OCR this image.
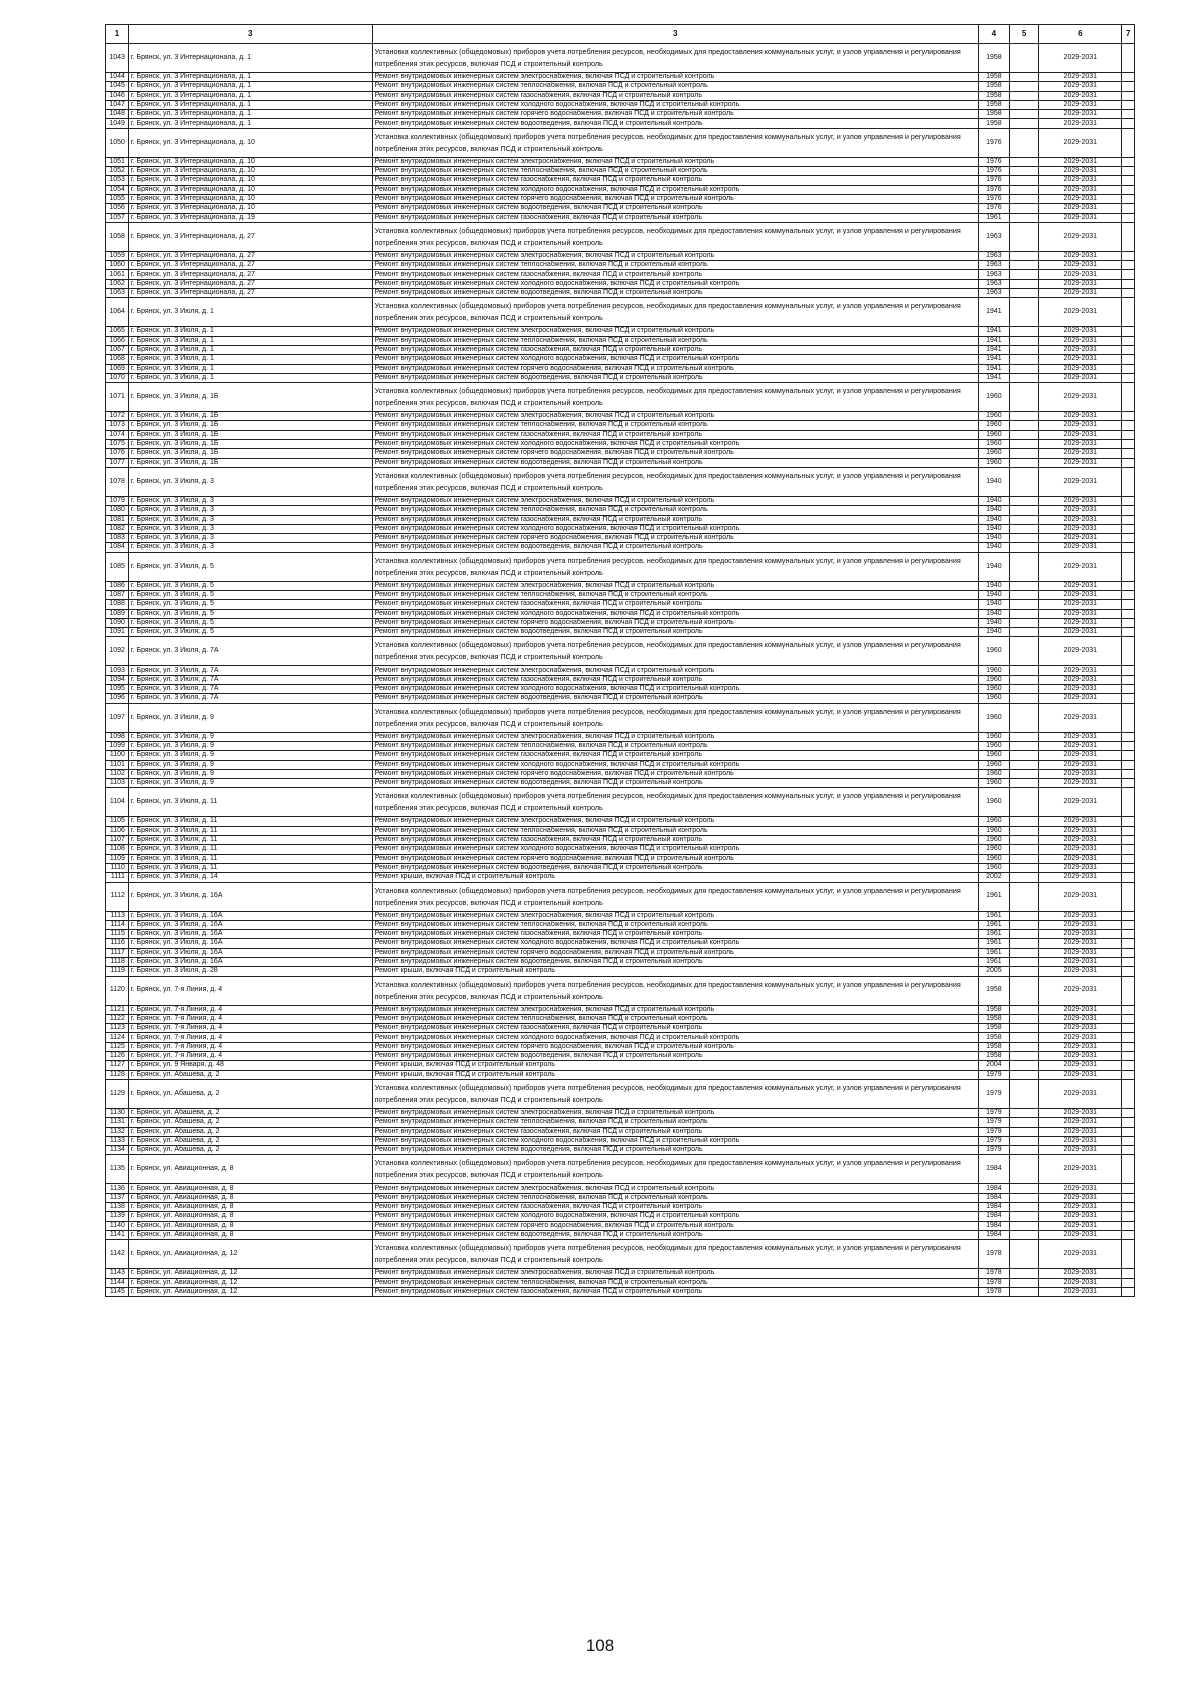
1	3	3	4	5	6	7
1043	г. Брянск, ул. 3 Интернационала, д. 1	Установка коллективных (общедомовых) приборов учета потребления ресурсов, необходимых для предоставления коммунальных услуг, и узлов управления и регулирования потребления этих ресурсов, включая ПСД и строительный контроль	1958		2029-2031	
1044	г. Брянск, ул. 3 Интернационала, д. 1	Ремонт внутридомовых инженерных систем электроснабжения, включая ПСД и строительный контроль	1958		2029-2031	
1045	г. Брянск, ул. 3 Интернационала, д. 1	Ремонт внутридомовых инженерных систем теплоснабжения, включая ПСД и строительный контроль	1958		2029-2031	
1046	г. Брянск, ул. 3 Интернационала, д. 1	Ремонт внутридомовых инженерных систем газоснабжения, включая ПСД и строительный контроль	1958		2029-2031	
1047	г. Брянск, ул. 3 Интернационала, д. 1	Ремонт внутридомовых инженерных систем холодного водоснабжения, включая ПСД и строительный контроль	1958		2029-2031	
1048	г. Брянск, ул. 3 Интернационала, д. 1	Ремонт внутридомовых инженерных систем горячего водоснабжения, включая ПСД и строительный контроль	1958		2029-2031	
1049	г. Брянск, ул. 3 Интернационала, д. 1	Ремонт внутридомовых инженерных систем водоотведения, включая ПСД и строительный контроль	1958		2029-2031	
1050	г. Брянск, ул. 3 Интернационала, д. 10	Установка коллективных (общедомовых) приборов учета потребления ресурсов, необходимых для предоставления коммунальных услуг, и узлов управления и регулирования потребления этих ресурсов, включая ПСД и строительный контроль	1976		2029-2031	
1051	г. Брянск, ул. 3 Интернационала, д. 10	Ремонт внутридомовых инженерных систем электроснабжения, включая ПСД и строительный контроль	1976		2029-2031	
1052	г. Брянск, ул. 3 Интернационала, д. 10	Ремонт внутридомовых инженерных систем теплоснабжения, включая ПСД и строительный контроль	1976		2029-2031	
1053	г. Брянск, ул. 3 Интернационала, д. 10	Ремонт внутридомовых инженерных систем газоснабжения, включая ПСД и строительный контроль	1976		2029-2031	
1054	г. Брянск, ул. 3 Интернационала, д. 10	Ремонт внутридомовых инженерных систем холодного водоснабжения, включая ПСД и строительный контроль	1976		2029-2031	
1055	г. Брянск, ул. 3 Интернационала, д. 10	Ремонт внутридомовых инженерных систем горячего водоснабжения, включая ПСД и строительный контроль	1976		2029-2031	
1056	г. Брянск, ул. 3 Интернационала, д. 10	Ремонт внутридомовых инженерных систем водоотведения, включая ПСД и строительный контроль	1976		2029-2031	
1057	г. Брянск, ул. 3 Интернационала, д. 19	Ремонт внутридомовых инженерных систем газоснабжения, включая ПСД и строительный контроль	1961		2029-2031	
1058	г. Брянск, ул. 3 Интернационала, д. 27	Установка коллективных (общедомовых) приборов учета потребления ресурсов, необходимых для предоставления коммунальных услуг, и узлов управления и регулирования потребления этих ресурсов, включая ПСД и строительный контроль	1963		2029-2031	
1059	г. Брянск, ул. 3 Интернационала, д. 27	Ремонт внутридомовых инженерных систем электроснабжения, включая ПСД и строительный контроль	1963		2029-2031	
1060	г. Брянск, ул. 3 Интернационала, д. 27	Ремонт внутридомовых инженерных систем теплоснабжения, включая ПСД и строительный контроль	1963		2029-2031	
1061	г. Брянск, ул. 3 Интернационала, д. 27	Ремонт внутридомовых инженерных систем газоснабжения, включая ПСД и строительный контроль	1963		2029-2031	
1062	г. Брянск, ул. 3 Интернационала, д. 27	Ремонт внутридомовых инженерных систем холодного водоснабжения, включая ПСД и строительный контроль	1963		2029-2031	
1063	г. Брянск, ул. 3 Интернационала, д. 27	Ремонт внутридомовых инженерных систем водоотведения, включая ПСД и строительный контроль	1963		2029-2031	
1064	г. Брянск, ул. 3 Июля, д. 1	Установка коллективных (общедомовых) приборов учета потребления ресурсов, необходимых для предоставления коммунальных услуг, и узлов управления и регулирования потребления этих ресурсов, включая ПСД и строительный контроль	1941		2029-2031	
1065	г. Брянск, ул. 3 Июля, д. 1	Ремонт внутридомовых инженерных систем электроснабжения, включая ПСД и строительный контроль	1941		2029-2031	
1066	г. Брянск, ул. 3 Июля, д. 1	Ремонт внутридомовых инженерных систем теплоснабжения, включая ПСД и строительный контроль	1941		2029-2031	
1067	г. Брянск, ул. 3 Июля, д. 1	Ремонт внутридомовых инженерных систем газоснабжения, включая ПСД и строительный контроль	1941		2029-2031	
1068	г. Брянск, ул. 3 Июля, д. 1	Ремонт внутридомовых инженерных систем холодного водоснабжения, включая ПСД и строительный контроль	1941		2029-2031	
1069	г. Брянск, ул. 3 Июля, д. 1	Ремонт внутридомовых инженерных систем горячего водоснабжения, включая ПСД и строительный контроль	1941		2029-2031	
1070	г. Брянск, ул. 3 Июля, д. 1	Ремонт внутридомовых инженерных систем водоотведения, включая ПСД и строительный контроль	1941		2029-2031	
1071	г. Брянск, ул. 3 Июля, д. 1Б	Установка коллективных (общедомовых) приборов учета потребления ресурсов, необходимых для предоставления коммунальных услуг, и узлов управления и регулирования потребления этих ресурсов, включая ПСД и строительный контроль	1960		2029-2031	
1072	г. Брянск, ул. 3 Июля, д. 1Б	Ремонт внутридомовых инженерных систем электроснабжения, включая ПСД и строительный контроль	1960		2029-2031	
1073	г. Брянск, ул. 3 Июля, д. 1Б	Ремонт внутридомовых инженерных систем теплоснабжения, включая ПСД и строительный контроль	1960		2029-2031	
1074	г. Брянск, ул. 3 Июля, д. 1Б	Ремонт внутридомовых инженерных систем газоснабжения, включая ПСД и строительный контроль	1960		2029-2031	
1075	г. Брянск, ул. 3 Июля, д. 1Б	Ремонт внутридомовых инженерных систем холодного водоснабжения, включая ПСД и строительный контроль	1960		2029-2031	
1076	г. Брянск, ул. 3 Июля, д. 1Б	Ремонт внутридомовых инженерных систем горячего водоснабжения, включая ПСД и строительный контроль	1960		2029-2031	
1077	г. Брянск, ул. 3 Июля, д. 1Б	Ремонт внутридомовых инженерных систем водоотведения, включая ПСД и строительный контроль	1960		2029-2031	
1078	г. Брянск, ул. 3 Июля, д. 3	Установка коллективных (общедомовых) приборов учета потребления ресурсов, необходимых для предоставления коммунальных услуг, и узлов управления и регулирования потребления этих ресурсов, включая ПСД и строительный контроль	1940		2029-2031	
1079	г. Брянск, ул. 3 Июля, д. 3	Ремонт внутридомовых инженерных систем электроснабжения, включая ПСД и строительный контроль	1940		2029-2031	
1080	г. Брянск, ул. 3 Июля, д. 3	Ремонт внутридомовых инженерных систем теплоснабжения, включая ПСД и строительный контроль	1940		2029-2031	
1081	г. Брянск, ул. 3 Июля, д. 3	Ремонт внутридомовых инженерных систем газоснабжения, включая ПСД и строительный контроль	1940		2029-2031	
1082	г. Брянск, ул. 3 Июля, д. 3	Ремонт внутридомовых инженерных систем холодного водоснабжения, включая ПСД и строительный контроль	1940		2029-2031	
1083	г. Брянск, ул. 3 Июля, д. 3	Ремонт внутридомовых инженерных систем горячего водоснабжения, включая ПСД и строительный контроль	1940		2029-2031	
1084	г. Брянск, ул. 3 Июля, д. 3	Ремонт внутридомовых инженерных систем водоотведения, включая ПСД и строительный контроль	1940		2029-2031	
1085	г. Брянск, ул. 3 Июля, д. 5	Установка коллективных (общедомовых) приборов учета потребления ресурсов, необходимых для предоставления коммунальных услуг, и узлов управления и регулирования потребления этих ресурсов, включая ПСД и строительный контроль	1940		2029-2031	
1086	г. Брянск, ул. 3 Июля, д. 5	Ремонт внутридомовых инженерных систем электроснабжения, включая ПСД и строительный контроль	1940		2029-2031	
1087	г. Брянск, ул. 3 Июля, д. 5	Ремонт внутридомовых инженерных систем теплоснабжения, включая ПСД и строительный контроль	1940		2029-2031	
1088	г. Брянск, ул. 3 Июля, д. 5	Ремонт внутридомовых инженерных систем газоснабжения, включая ПСД и строительный контроль	1940		2029-2031	
1089	г. Брянск, ул. 3 Июля, д. 5	Ремонт внутридомовых инженерных систем холодного водоснабжения, включая ПСД и строительный контроль	1940		2029-2031	
1090	г. Брянск, ул. 3 Июля, д. 5	Ремонт внутридомовых инженерных систем горячего водоснабжения, включая ПСД и строительный контроль	1940		2029-2031	
1091	г. Брянск, ул. 3 Июля, д. 5	Ремонт внутридомовых инженерных систем водоотведения, включая ПСД и строительный контроль	1940		2029-2031	
1092	г. Брянск, ул. 3 Июля, д. 7А	Установка коллективных (общедомовых) приборов учета потребления ресурсов, необходимых для предоставления коммунальных услуг, и узлов управления и регулирования потребления этих ресурсов, включая ПСД и строительный контроль	1960		2029-2031	
1093	г. Брянск, ул. 3 Июля, д. 7А	Ремонт внутридомовых инженерных систем электроснабжения, включая ПСД и строительный контроль	1960		2029-2031	
1094	г. Брянск, ул. 3 Июля, д. 7А	Ремонт внутридомовых инженерных систем газоснабжения, включая ПСД и строительный контроль	1960		2029-2031	
1095	г. Брянск, ул. 3 Июля, д. 7А	Ремонт внутридомовых инженерных систем холодного водоснабжения, включая ПСД и строительный контроль	1960		2029-2031	
1096	г. Брянск, ул. 3 Июля, д. 7А	Ремонт внутридомовых инженерных систем водоотведения, включая ПСД и строительный контроль	1960		2029-2031	
1097	г. Брянск, ул. 3 Июля, д. 9	Установка коллективных (общедомовых) приборов учета потребления ресурсов, необходимых для предоставления коммунальных услуг, и узлов управления и регулирования потребления этих ресурсов, включая ПСД и строительный контроль	1960		2029-2031	
1098	г. Брянск, ул. 3 Июля, д. 9	Ремонт внутридомовых инженерных систем электроснабжения, включая ПСД и строительный контроль	1960		2029-2031	
1099	г. Брянск, ул. 3 Июля, д. 9	Ремонт внутридомовых инженерных систем теплоснабжения, включая ПСД и строительный контроль	1960		2029-2031	
1100	г. Брянск, ул. 3 Июля, д. 9	Ремонт внутридомовых инженерных систем газоснабжения, включая ПСД и строительный контроль	1960		2029-2031	
1101	г. Брянск, ул. 3 Июля, д. 9	Ремонт внутридомовых инженерных систем холодного водоснабжения, включая ПСД и строительный контроль	1960		2029-2031	
1102	г. Брянск, ул. 3 Июля, д. 9	Ремонт внутридомовых инженерных систем горячего водоснабжения, включая ПСД и строительный контроль	1960		2029-2031	
1103	г. Брянск, ул. 3 Июля, д. 9	Ремонт внутридомовых инженерных систем водоотведения, включая ПСД и строительный контроль	1960		2029-2031	
1104	г. Брянск, ул. 3 Июля, д. 11	Установка коллективных (общедомовых) приборов учета потребления ресурсов, необходимых для предоставления коммунальных услуг, и узлов управления и регулирования потребления этих ресурсов, включая ПСД и строительный контроль	1960		2029-2031	
1105	г. Брянск, ул. 3 Июля, д. 11	Ремонт внутридомовых инженерных систем электроснабжения, включая ПСД и строительный контроль	1960		2029-2031	
1106	г. Брянск, ул. 3 Июля, д. 11	Ремонт внутридомовых инженерных систем теплоснабжения, включая ПСД и строительный контроль	1960		2029-2031	
1107	г. Брянск, ул. 3 Июля, д. 11	Ремонт внутридомовых инженерных систем газоснабжения, включая ПСД и строительный контроль	1960		2029-2031	
1108	г. Брянск, ул. 3 Июля, д. 11	Ремонт внутридомовых инженерных систем холодного водоснабжения, включая ПСД и строительный контроль	1960		2029-2031	
1109	г. Брянск, ул. 3 Июля, д. 11	Ремонт внутридомовых инженерных систем горячего водоснабжения, включая ПСД и строительный контроль	1960		2029-2031	
1110	г. Брянск, ул. 3 Июля, д. 11	Ремонт внутридомовых инженерных систем водоотведения, включая ПСД и строительный контроль	1960		2029-2031	
1111	г. Брянск, ул. 3 Июля, д. 14	Ремонт крыши, включая ПСД и строительный контроль	2002		2029-2031	
1112	г. Брянск, ул. 3 Июля, д. 16А	Установка коллективных (общедомовых) приборов учета потребления ресурсов, необходимых для предоставления коммунальных услуг, и узлов управления и регулирования потребления этих ресурсов, включая ПСД и строительный контроль	1961		2029-2031	
1113	г. Брянск, ул. 3 Июля, д. 16А	Ремонт внутридомовых инженерных систем электроснабжения, включая ПСД и строительный контроль	1961		2029-2031	
1114	г. Брянск, ул. 3 Июля, д. 16А	Ремонт внутридомовых инженерных систем теплоснабжения, включая ПСД и строительный контроль	1961		2029-2031	
1115	г. Брянск, ул. 3 Июля, д. 16А	Ремонт внутридомовых инженерных систем газоснабжения, включая ПСД и строительный контроль	1961		2029-2031	
1116	г. Брянск, ул. 3 Июля, д. 16А	Ремонт внутридомовых инженерных систем холодного водоснабжения, включая ПСД и строительный контроль	1961		2029-2031	
1117	г. Брянск, ул. 3 Июля, д. 16А	Ремонт внутридомовых инженерных систем горячего водоснабжения, включая ПСД и строительный контроль	1961		2029-2031	
1118	г. Брянск, ул. 3 Июля, д. 16А	Ремонт внутридомовых инженерных систем водоотведения, включая ПСД и строительный контроль	1961		2029-2031	
1119	г. Брянск, ул. 3 Июля, д. 28	Ремонт крыши, включая ПСД и строительный контроль	2005		2029-2031	
1120	г. Брянск, ул. 7-я Линия, д. 4	Установка коллективных (общедомовых) приборов учета потребления ресурсов, необходимых для предоставления коммунальных услуг, и узлов управления и регулирования потребления этих ресурсов, включая ПСД и строительный контроль	1958		2029-2031	
1121	г. Брянск, ул. 7-я Линия, д. 4	Ремонт внутридомовых инженерных систем электроснабжения, включая ПСД и строительный контроль	1958		2029-2031	
1122	г. Брянск, ул. 7-я Линия, д. 4	Ремонт внутридомовых инженерных систем теплоснабжения, включая ПСД и строительный контроль	1958		2029-2031	
1123	г. Брянск, ул. 7-я Линия, д. 4	Ремонт внутридомовых инженерных систем газоснабжения, включая ПСД и строительный контроль	1958		2029-2031	
1124	г. Брянск, ул. 7-я Линия, д. 4	Ремонт внутридомовых инженерных систем холодного водоснабжения, включая ПСД и строительный контроль	1958		2029-2031	
1125	г. Брянск, ул. 7-я Линия, д. 4	Ремонт внутридомовых инженерных систем горячего водоснабжения, включая ПСД и строительный контроль	1958		2029-2031	
1126	г. Брянск, ул. 7-я Линия, д. 4	Ремонт внутридомовых инженерных систем водоотведения, включая ПСД и строительный контроль	1958		2029-2031	
1127	г. Брянск, ул. 9 Января, д. 48	Ремонт крыши, включая ПСД и строительный контроль	2004		2029-2031	
1128	г. Брянск, ул. Абашева, д. 2	Ремонт крыши, включая ПСД и строительный контроль	1979		2029-2031	
1129	г. Брянск, ул. Абашева, д. 2	Установка коллективных (общедомовых) приборов учета потребления ресурсов, необходимых для предоставления коммунальных услуг, и узлов управления и регулирования потребления этих ресурсов, включая ПСД и строительный контроль	1979		2029-2031	
1130	г. Брянск, ул. Абашева, д. 2	Ремонт внутридомовых инженерных систем электроснабжения, включая ПСД и строительный контроль	1979		2029-2031	
1131	г. Брянск, ул. Абашева, д. 2	Ремонт внутридомовых инженерных систем теплоснабжения, включая ПСД и строительный контроль	1979		2029-2031	
1132	г. Брянск, ул. Абашева, д. 2	Ремонт внутридомовых инженерных систем газоснабжения, включая ПСД и строительный контроль	1979		2029-2031	
1133	г. Брянск, ул. Абашева, д. 2	Ремонт внутридомовых инженерных систем холодного водоснабжения, включая ПСД и строительный контроль	1979		2029-2031	
1134	г. Брянск, ул. Абашева, д. 2	Ремонт внутридомовых инженерных систем водоотведения, включая ПСД и строительный контроль	1979		2029-2031	
1135	г. Брянск, ул. Авиационная, д. 8	Установка коллективных (общедомовых) приборов учета потребления ресурсов, необходимых для предоставления коммунальных услуг, и узлов управления и регулирования потребления этих ресурсов, включая ПСД и строительный контроль	1984		2029-2031	
1136	г. Брянск, ул. Авиационная, д. 8	Ремонт внутридомовых инженерных систем электроснабжения, включая ПСД и строительный контроль	1984		2029-2031	
1137	г. Брянск, ул. Авиационная, д. 8	Ремонт внутридомовых инженерных систем теплоснабжения, включая ПСД и строительный контроль	1984		2029-2031	
1138	г. Брянск, ул. Авиационная, д. 8	Ремонт внутридомовых инженерных систем газоснабжения, включая ПСД и строительный контроль	1984		2029-2031	
1139	г. Брянск, ул. Авиационная, д. 8	Ремонт внутридомовых инженерных систем холодного водоснабжения, включая ПСД и строительный контроль	1984		2029-2031	
1140	г. Брянск, ул. Авиационная, д. 8	Ремонт внутридомовых инженерных систем горячего водоснабжения, включая ПСД и строительный контроль	1984		2029-2031	
1141	г. Брянск, ул. Авиационная, д. 8	Ремонт внутридомовых инженерных систем водоотведения, включая ПСД и строительный контроль	1984		2029-2031	
1142	г. Брянск, ул. Авиационная, д. 12	Установка коллективных (общедомовых) приборов учета потребления ресурсов, необходимых для предоставления коммунальных услуг, и узлов управления и регулирования потребления этих ресурсов, включая ПСД и строительный контроль	1978		2029-2031	
1143	г. Брянск, ул. Авиационная, д. 12	Ремонт внутридомовых инженерных систем электроснабжения, включая ПСД и строительный контроль	1978		2029-2031	
1144	г. Брянск, ул. Авиационная, д. 12	Ремонт внутридомовых инженерных систем теплоснабжения, включая ПСД и строительный контроль	1978		2029-2031	
1145	г. Брянск, ул. Авиационная, д. 12	Ремонт внутридомовых инженерных систем газоснабжения, включая ПСД и строительный контроль	1978		2029-2031	
108
